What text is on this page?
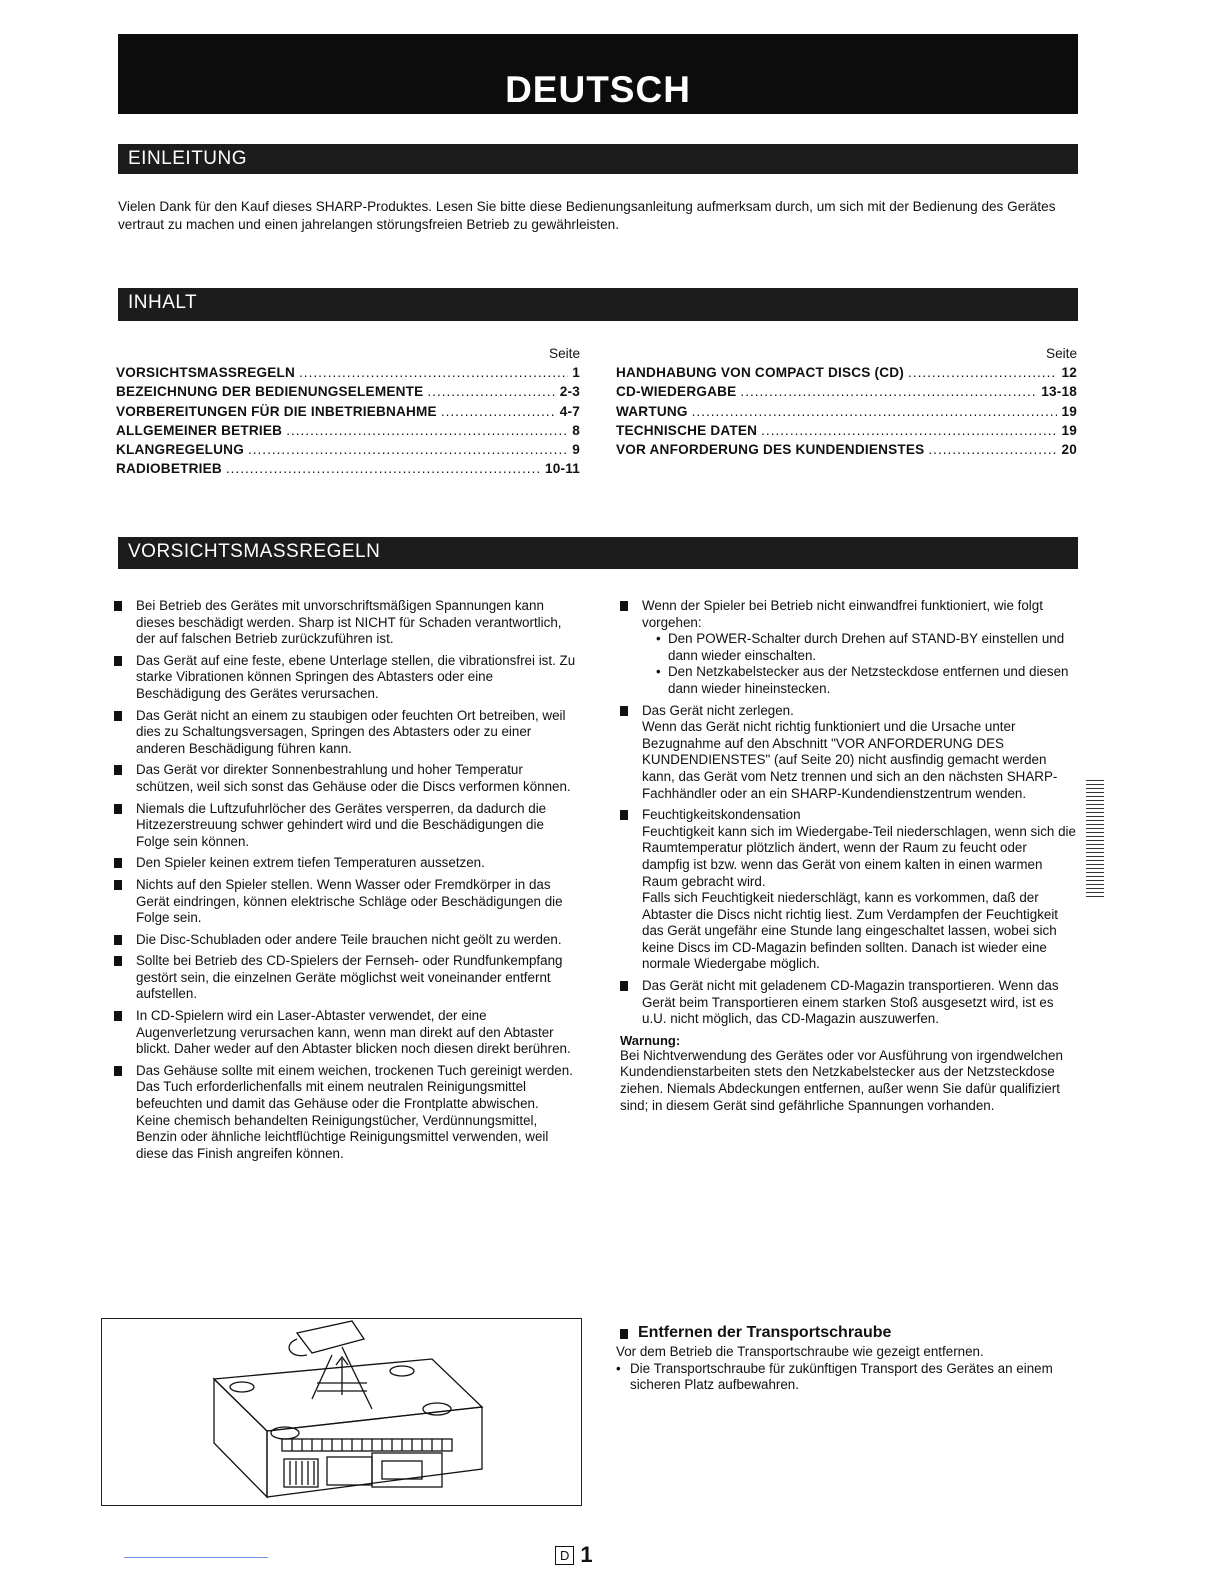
DEUTSCH
EINLEITUNG
Vielen Dank für den Kauf dieses SHARP-Produktes. Lesen Sie bitte diese Bedienungsanleitung aufmerksam durch, um sich mit der Bedienung des Gerätes vertraut zu machen und einen jahrelangen störungsfreien Betrieb zu gewährleisten.
INHALT
Seite
VORSICHTSMASSREGELN .....	1
BEZEICHNUNG DER BEDIENUNGSELEMENTE .....	2-3
VORBEREITUNGEN FÜR DIE INBETRIEBNAHME .....	4-7
ALLGEMEINER BETRIEB .....	8
KLANGREGELUNG .....	9
RADIOBETRIEB .....	10-11
Seite
HANDHABUNG VON COMPACT DISCS (CD) .....	12
CD-WIEDERGABE .....	13-18
WARTUNG .....	19
TECHNISCHE DATEN .....	19
VOR ANFORDERUNG DES KUNDENDIENSTES .....	20
VORSICHTSMASSREGELN
Bei Betrieb des Gerätes mit unvorschriftsmäßigen Spannungen kann dieses beschädigt werden. Sharp ist NICHT für Schaden verantwortlich, der auf falschen Betrieb zurückzuführen ist.
Das Gerät auf eine feste, ebene Unterlage stellen, die vibrationsfrei ist. Zu starke Vibrationen können Springen des Abtasters oder eine Beschädigung des Gerätes verursachen.
Das Gerät nicht an einem zu staubigen oder feuchten Ort betreiben, weil dies zu Schaltungsversagen, Springen des Abtasters oder zu einer anderen Beschädigung führen kann.
Das Gerät vor direkter Sonnenbestrahlung und hoher Temperatur schützen, weil sich sonst das Gehäuse oder die Discs verformen können.
Niemals die Luftzufuhrlöcher des Gerätes versperren, da dadurch die Hitzezerstreuung schwer gehindert wird und die Beschädigungen die Folge sein können.
Den Spieler keinen extrem tiefen Temperaturen aussetzen.
Nichts auf den Spieler stellen. Wenn Wasser oder Fremdkörper in das Gerät eindringen, können elektrische Schläge oder Beschädigungen die Folge sein.
Die Disc-Schubladen oder andere Teile brauchen nicht geölt zu werden.
Sollte bei Betrieb des CD-Spielers der Fernseh- oder Rundfunkempfang gestört sein, die einzelnen Geräte möglichst weit voneinander entfernt aufstellen.
In CD-Spielern wird ein Laser-Abtaster verwendet, der eine Augenverletzung verursachen kann, wenn man direkt auf den Abtaster blickt. Daher weder auf den Abtaster blicken noch diesen direkt berühren.
Das Gehäuse sollte mit einem weichen, trockenen Tuch gereinigt werden. Das Tuch erforderlichenfalls mit einem neutralen Reinigungsmittel befeuchten und damit das Gehäuse oder die Frontplatte abwischen.
Keine chemisch behandelten Reinigungstücher, Verdünnungsmittel, Benzin oder ähnliche leichtflüchtige Reinigungsmittel verwenden, weil diese das Finish angreifen können.
Wenn der Spieler bei Betrieb nicht einwandfrei funktioniert, wie folgt vorgehen:
• Den POWER-Schalter durch Drehen auf STAND-BY einstellen und dann wieder einschalten.
• Den Netzkabelstecker aus der Netzsteckdose entfernen und diesen dann wieder hineinstecken.
Das Gerät nicht zerlegen.
Wenn das Gerät nicht richtig funktioniert und die Ursache unter Bezugnahme auf den Abschnitt "VOR ANFORDERUNG DES KUNDENDIENSTES" (auf Seite 20) nicht ausfindig gemacht werden kann, das Gerät vom Netz trennen und sich an den nächsten SHARP-Fachhändler oder an ein SHARP-Kundendienstzentrum wenden.
Feuchtigkeitskondensation
Feuchtigkeit kann sich im Wiedergabe-Teil niederschlagen, wenn sich die Raumtemperatur plötzlich ändert, wenn der Raum zu feucht oder dampfig ist bzw. wenn das Gerät von einem kalten in einen warmen Raum gebracht wird.
Falls sich Feuchtigkeit niederschlägt, kann es vorkommen, daß der Abtaster die Discs nicht richtig liest. Zum Verdampfen der Feuchtigkeit das Gerät ungefähr eine Stunde lang eingeschaltet lassen, wobei sich keine Discs im CD-Magazin befinden sollten. Danach ist wieder eine normale Wiedergabe möglich.
Das Gerät nicht mit geladenem CD-Magazin transportieren. Wenn das Gerät beim Transportieren einem starken Stoß ausgesetzt wird, ist es u.U. nicht möglich, das CD-Magazin auszuwerfen.
Warnung:
Bei Nichtverwendung des Gerätes oder vor Ausführung von irgendwelchen Kundendienstarbeiten stets den Netzkabelstecker aus der Netzsteckdose ziehen. Niemals Abdeckungen entfernen, außer wenn Sie dafür qualifiziert sind; in diesem Gerät sind gefährliche Spannungen vorhanden.
Entfernen der Transportschraube

Vor dem Betrieb die Transportschraube wie gezeigt entfernen.

• Die Transportschraube für zukünftigen Transport des Gerätes an einem sicheren Platz aufbewahren.

D 1
